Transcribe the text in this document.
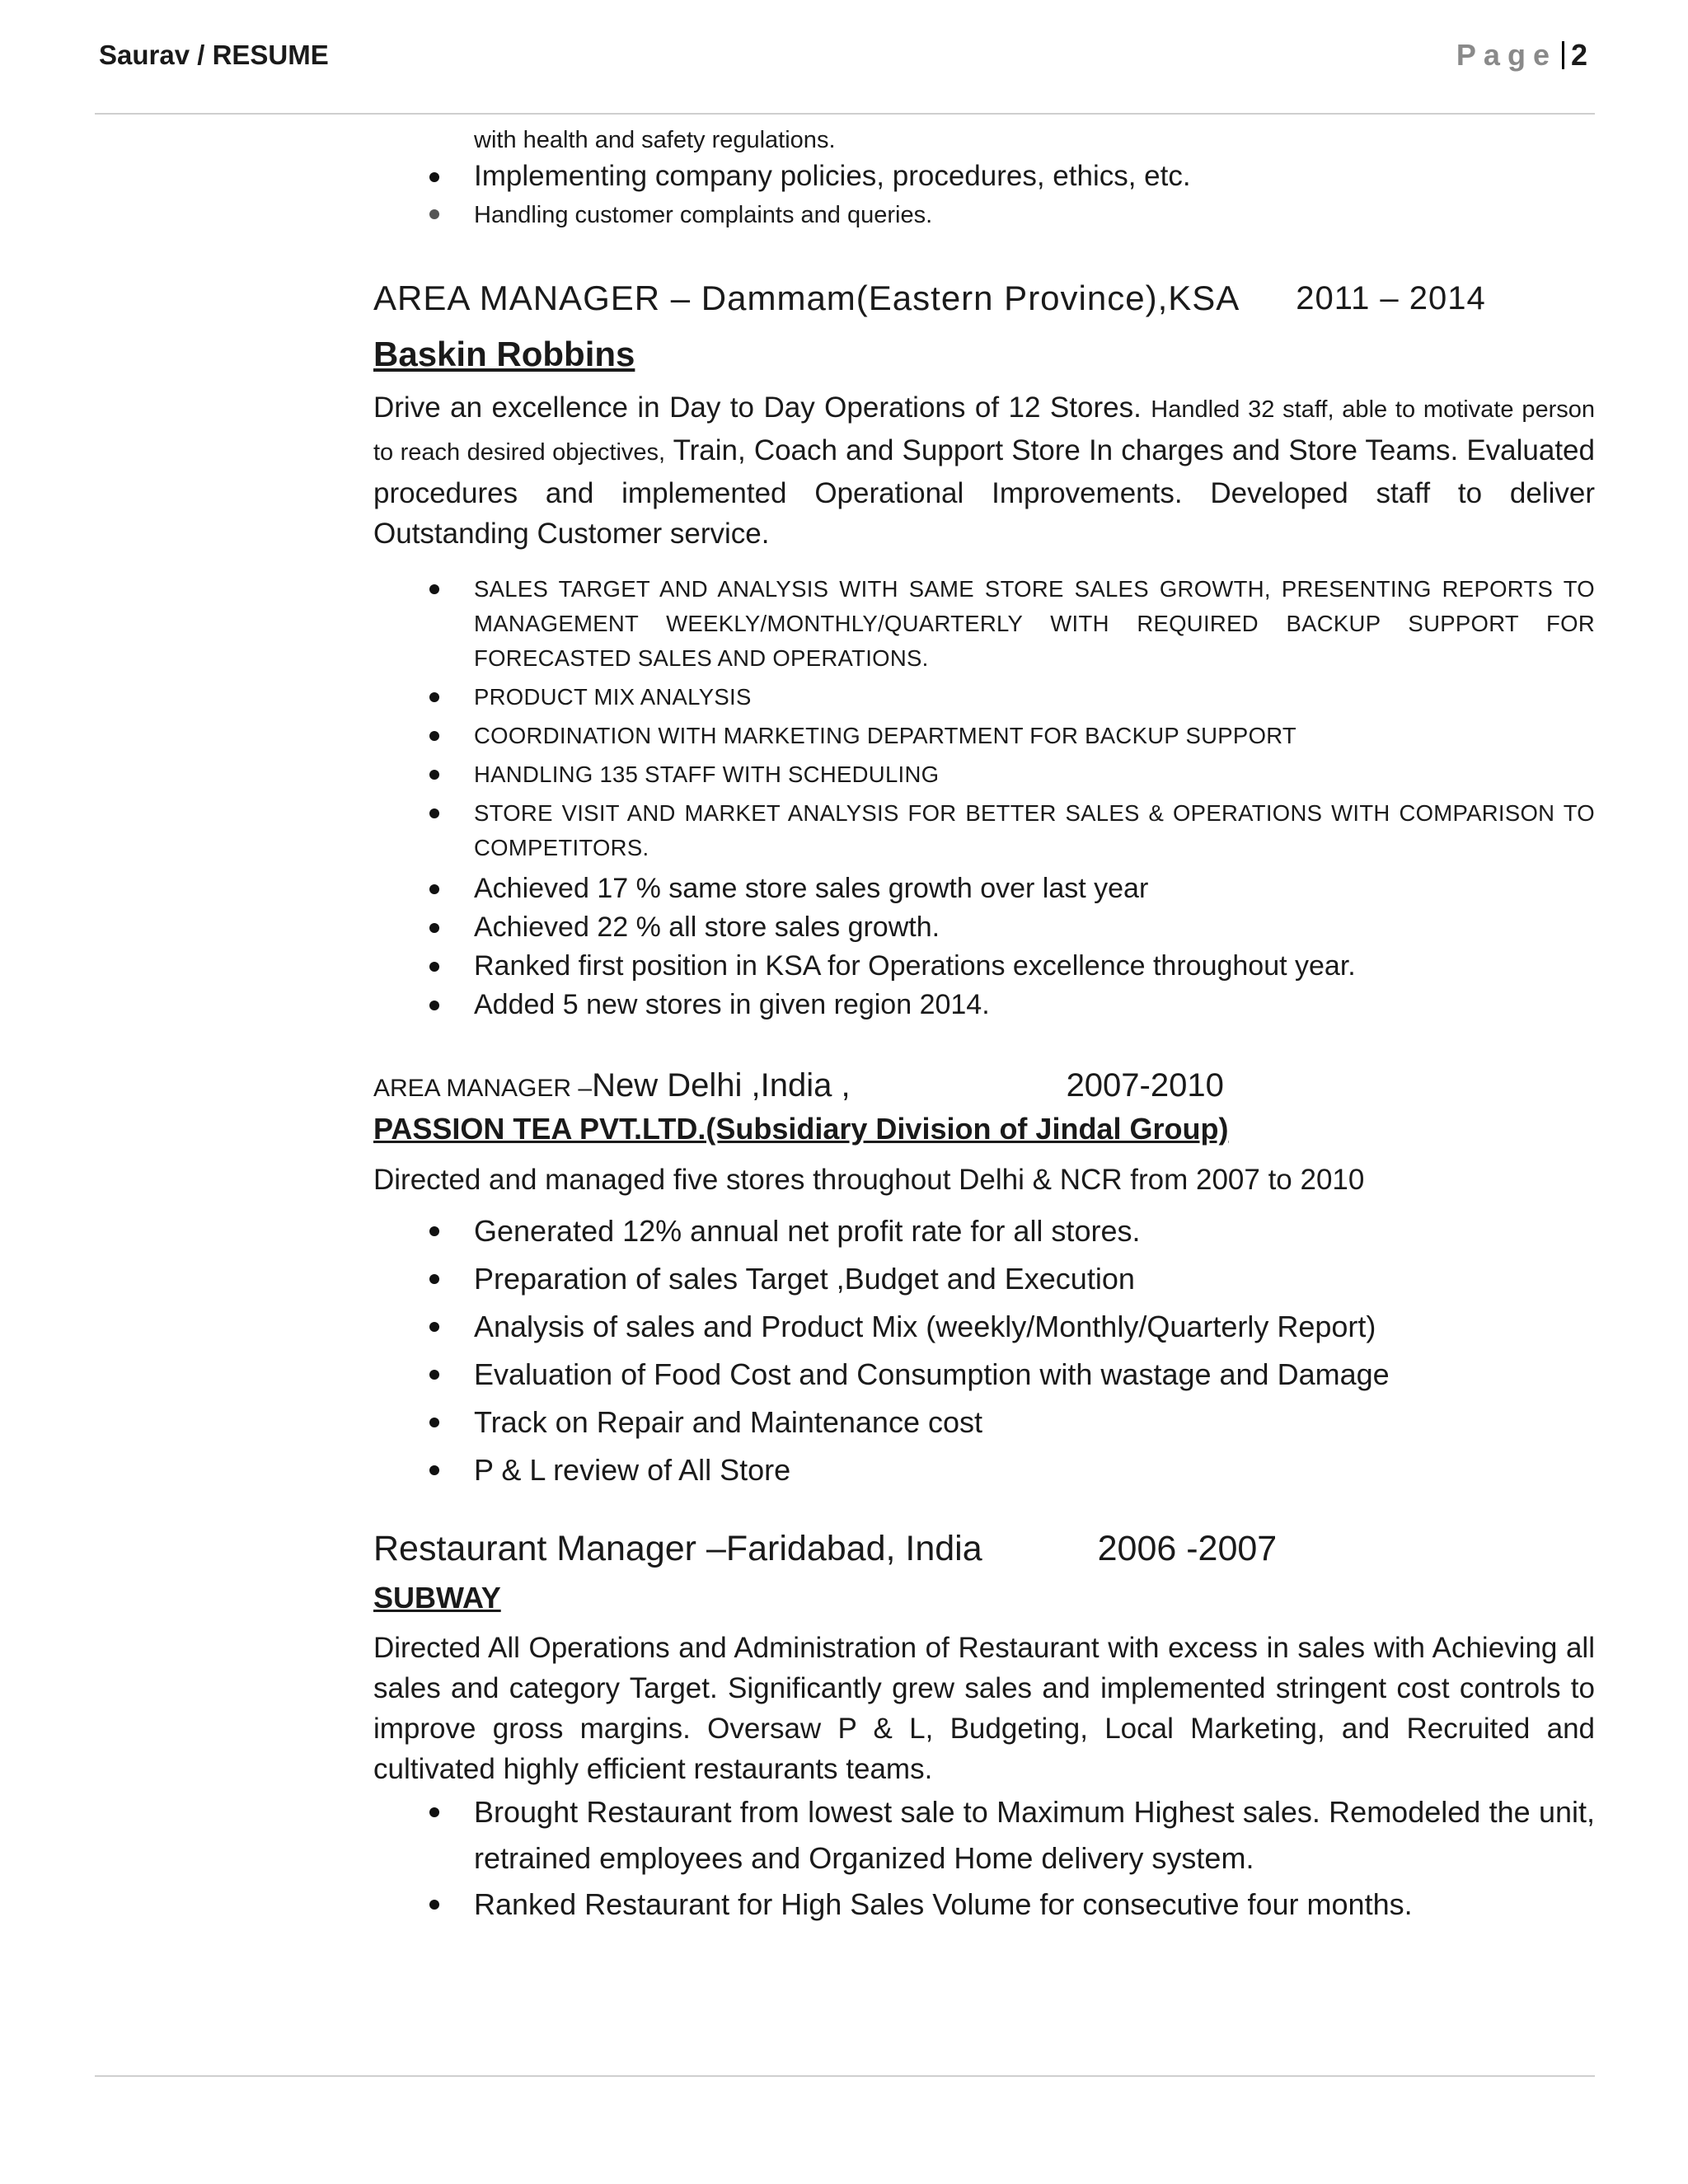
Saurav / RESUME	Page 2
with health and safety regulations.
Implementing company policies, procedures, ethics, etc.
Handling customer complaints and queries.
AREA MANAGER – Dammam(Eastern Province),KSA 2011 – 2014
Baskin Robbins
Drive an excellence in Day to Day Operations of 12 Stores. Handled 32 staff, able to motivate person to reach desired objectives, Train, Coach and Support Store In charges and Store Teams. Evaluated procedures and implemented Operational Improvements. Developed staff to deliver Outstanding Customer service.
SALES TARGET AND ANALYSIS WITH SAME STORE SALES GROWTH, PRESENTING REPORTS TO MANAGEMENT WEEKLY/MONTHLY/QUARTERLY WITH REQUIRED BACKUP SUPPORT FOR FORECASTED SALES AND OPERATIONS.
PRODUCT MIX ANALYSIS
COORDINATION WITH MARKETING DEPARTMENT FOR BACKUP SUPPORT
HANDLING 135 STAFF WITH SCHEDULING
STORE VISIT AND MARKET ANALYSIS FOR BETTER SALES & OPERATIONS WITH COMPARISON TO COMPETITORS.
Achieved 17 % same store sales growth over last year
Achieved 22 % all store sales growth.
Ranked first position in KSA for Operations excellence throughout year.
Added 5 new stores in given region 2014.
AREA MANAGER – New Delhi ,India ,	2007-2010
PASSION TEA PVT.LTD.(Subsidiary Division of Jindal Group)
Directed and managed five stores throughout Delhi & NCR from 2007 to 2010
Generated 12% annual net profit rate for all stores.
Preparation of sales Target ,Budget and Execution
Analysis of sales and Product Mix (weekly/Monthly/Quarterly Report)
Evaluation of Food Cost and Consumption with wastage and Damage
Track on Repair and Maintenance cost
P & L review of All Store
Restaurant Manager –Faridabad, India	2006 -2007
SUBWAY
Directed All Operations and Administration of Restaurant with excess in sales with Achieving all sales and category Target. Significantly grew sales and implemented stringent cost controls to improve gross margins. Oversaw P & L, Budgeting, Local Marketing, and Recruited and cultivated highly efficient restaurants teams.
Brought Restaurant from lowest sale to Maximum Highest sales. Remodeled the unit, retrained employees and Organized Home delivery system.
Ranked Restaurant for High Sales Volume for consecutive four months.
